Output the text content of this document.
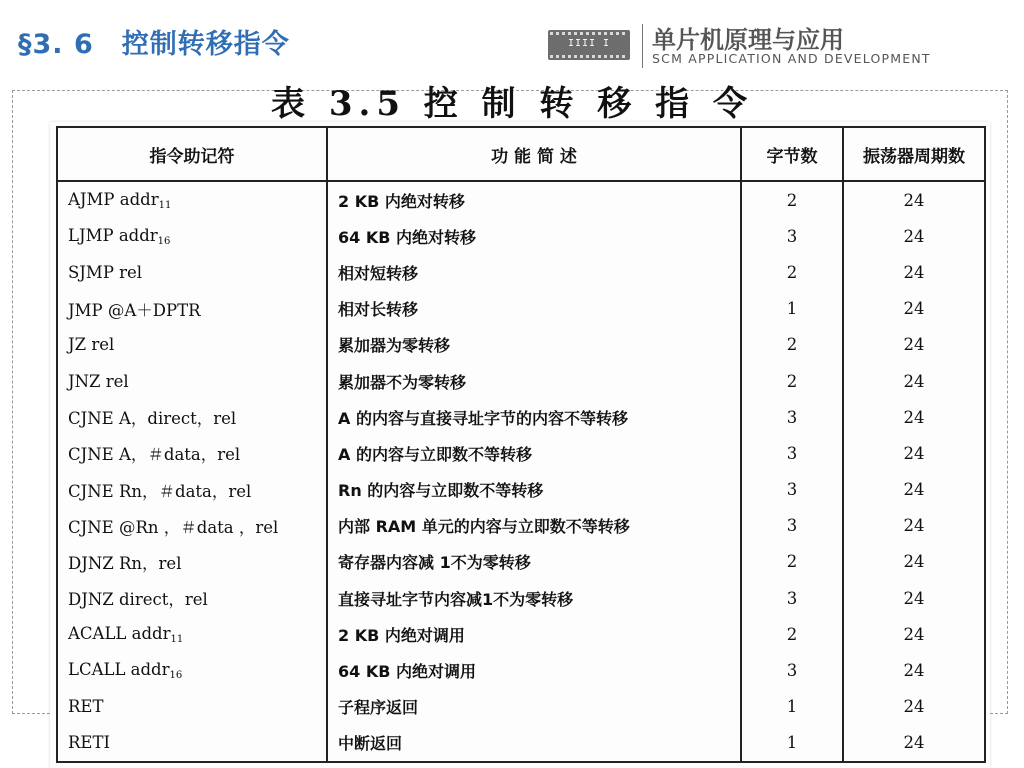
§3. 6　控制转移指令	IIII I	单片机原理与应用
SCM APPLICATION AND DEVELOPMENT
指令助记符	功 能 简 述	字节数	振荡器周期数
AJMP addr$_{11}$	2 KB 内绝对转移	2	24
LJMP addr$_{16}$	64 KB 内绝对转移	3	24
SJMP rel	相对短转移	2	24
JMP @A＋DPTR	相对长转移	1	24
JZ rel	累加器为零转移	2	24
JNZ rel	累加器不为零转移	2	24
CJNE A，direct，rel	A 的内容与直接寻址字节的内容不等转移	3	24
CJNE A，＃data，rel	A 的内容与立即数不等转移	3	24
CJNE Rn，＃data，rel	Rn 的内容与立即数不等转移	3	24
CJNE @Rn ，＃data ，rel	内部 RAM 单元的内容与立即数不等转移	3	24
DJNZ Rn，rel	寄存器内容减 1不为零转移	2	24
DJNZ direct，rel	直接寻址字节内容减1不为零转移	3	24
ACALL addr$_{11}$	2 KB 内绝对调用	2	24
LCALL addr$_{16}$	64 KB 内绝对调用	3	24
RET	子程序返回	1	24
RETI	中断返回	1	24
表 3.5 控 制 转 移 指 令
